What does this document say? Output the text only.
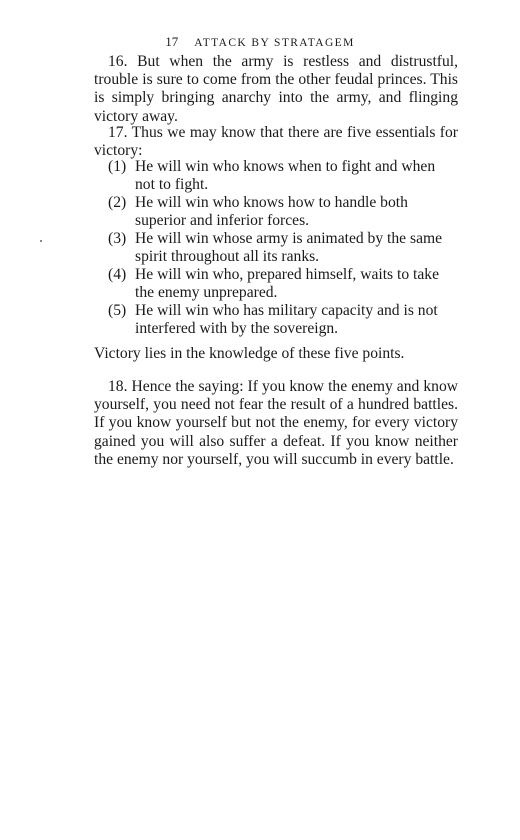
17 ATTACK BY STRATAGEM

16. But when the army is restless and distrustful, trouble is sure to come from the other feudal princes. This is simply bringing anarchy into the army, and flinging victory away.

17. Thus we may know that there are five essentials for victory:

(1) He will win who knows when to fight and when not to fight.
(2) He will win who knows how to handle both superior and inferior forces.
(3) He will win whose army is animated by the same spirit throughout all its ranks.
(4) He will win who, prepared himself, waits to take the enemy unprepared.
(5) He will win who has military capacity and is not interfered with by the sovereign.

Victory lies in the knowledge of these five points.

18. Hence the saying: If you know the enemy and know yourself, you need not fear the result of a hundred battles. If you know yourself but not the enemy, for every victory gained you will also suffer a defeat. If you know neither the enemy nor yourself, you will succumb in every battle.
